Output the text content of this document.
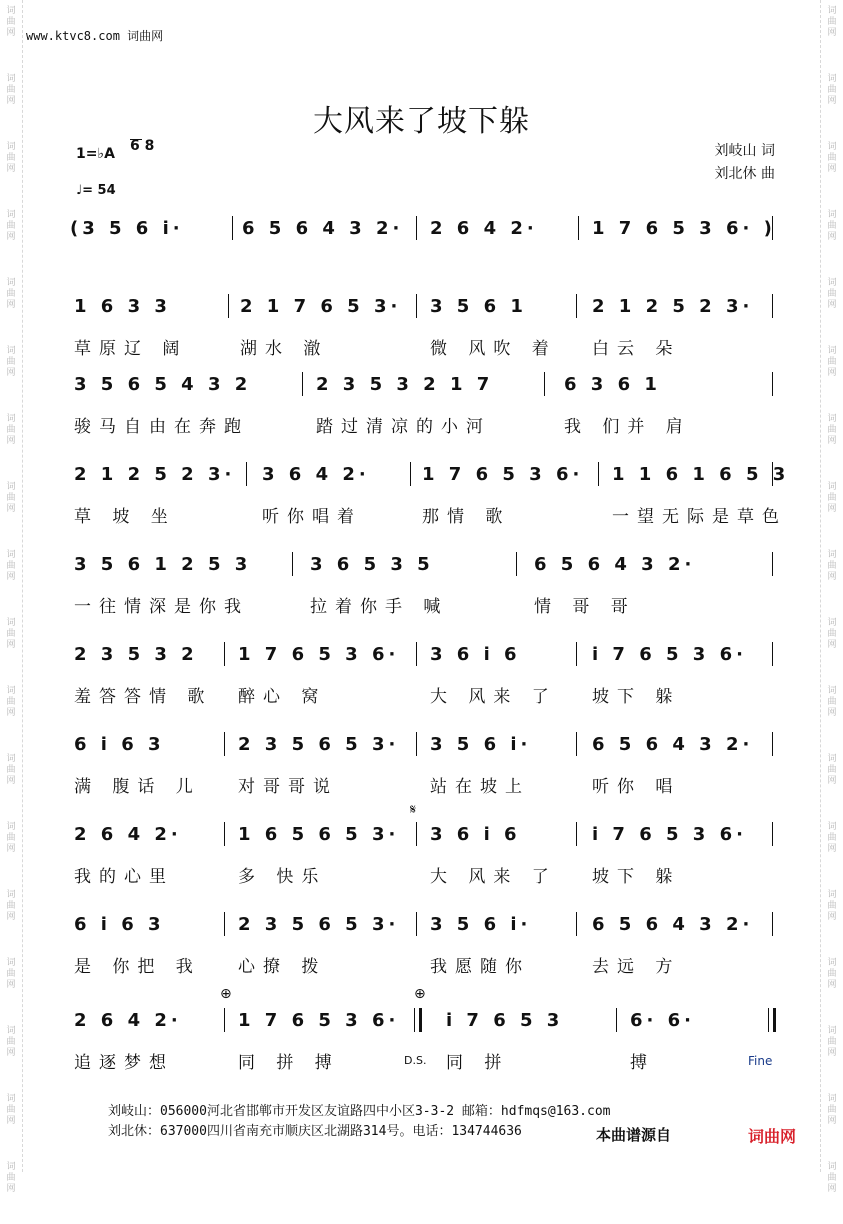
词
曲
网
词
曲
网
词
曲
网
词
曲
网
词
曲
网
词
曲
网
词
曲
网
词
曲
网
词
曲
网
词
曲
网
词
曲
网
词
曲
网
词
曲
网
词
曲
网
词
曲
网
词
曲
网
词
曲
网
词
曲
网
词
曲
网
词
曲
网
词
曲
网
词
曲
网
词
曲
网
词
曲
网
词
曲
网
词
曲
网
词
曲
网
词
曲
网
词
曲
网
词
曲
网
词
曲
网
词
曲
网
词
曲
网
词
曲
网
词
曲
网
词
曲
网
www.ktvc8.com 词曲网
大风来了坡下躲
刘岐山 词
刘北休 曲
1=♭A 6 8
♩= 54
(3 5 6 i·	6 5 6 4 3 2· 2 6 4 2·	1 7 6 5 3 6· )
1 6 3 3
草原辽 阔
2 1 7 6 5 3·
湖水 澈
3 5 6 1
微 风吹 着
2 1 2 5 2 3·
白云 朵
3 5 6 5 4 3 2
骏马自由在奔跑
2 3 5 3 2 1 7
踏过清凉的小河
6 3 6 1
我 们并 肩
2 1 2 5 2 3·
草 坡 坐
3 6 4 2·
听你唱着
1 7 6 5 3 6·
那情 歌
1 1 6 1 6 5 3
一望无际是草色
3 5 6 1 2 5 3
一往情深是你我
3 6 5 3 5
拉着你手 喊
6 5 6 4 3 2·
情 哥 哥
2 3 5 3 2
羞答答情 歌
1 7 6 5 3 6·
醉心 窝
3 6 i 6
大 风来 了
i 7 6 5 3 6·
坡下 躲
6 i 6 3
满 腹话 儿
2 3 5 6 5 3·
对哥哥说
3 5 6 i·
站在坡上
6 5 6 4 3 2·
听你 唱
2 6 4 2·
我的心里
1 6 5 6 5 3·
多 快乐
𝄋
3 6 i 6
大 风来 了
i 7 6 5 3 6·
坡下 躲
6 i 6 3
是 你把 我
2 3 5 6 5 3·
心撩 拨
3 5 6 i·
我愿随你
6 5 6 4 3 2·
去远 方
2 6 4 2·
追逐梦想
⊕
1 7 6 5 3 6·
同 拼 搏
⊕
D.S.
i 7 6 5 3
同 拼
6· 6·
搏	Fine
刘岐山：056000河北省邯郸市开发区友谊路四中小区3-3-2 邮箱：hdfmqs@163.com
刘北休：637000四川省南充市顺庆区北湖路314号。电话：134744636	本曲谱源自	词曲网
